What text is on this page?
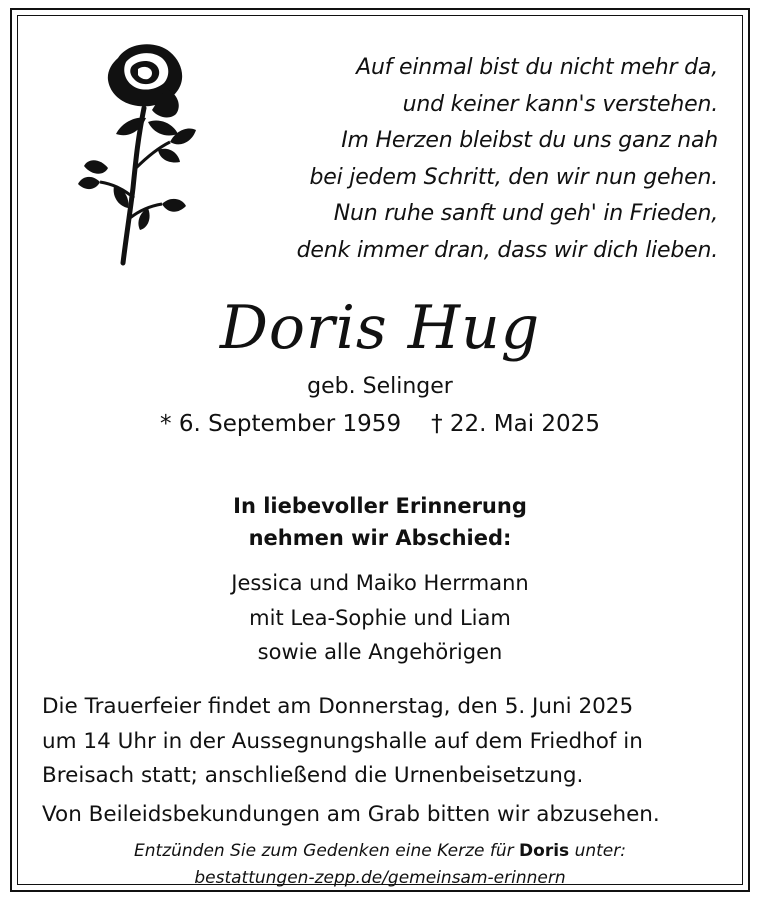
Auf einmal bist du nicht mehr da,
und keiner kann's verstehen.
Im Herzen bleibst du uns ganz nah
bei jedem Schritt, den wir nun gehen.
Nun ruhe sanft und geh' in Frieden,
denk immer dran, dass wir dich lieben.
Doris Hug
geb. Selinger
* 6. September 1959 † 22. Mai 2025
In liebevoller Erinnerung
nehmen wir Abschied:
Jessica und Maiko Herrmann
mit Lea-Sophie und Liam
sowie alle Angehörigen
Die Trauerfeier findet am Donnerstag, den 5. Juni 2025
um 14 Uhr in der Aussegnungshalle auf dem Friedhof in
Breisach statt; anschließend die Urnenbeisetzung.
Von Beileidsbekundungen am Grab bitten wir abzusehen.
Entzünden Sie zum Gedenken eine Kerze für Doris unter:
bestattungen-zepp.de/gemeinsam-erinnern
